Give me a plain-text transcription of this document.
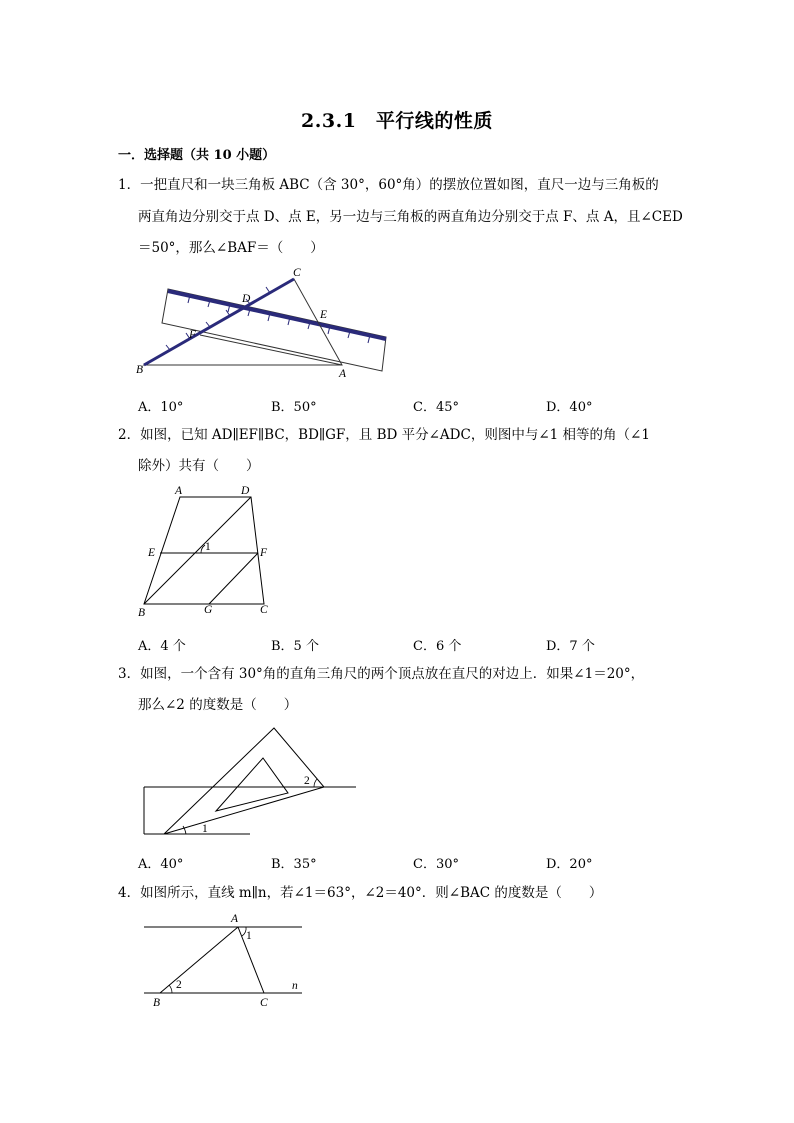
2.3.1　平行线的性质
一．选择题（共 10 小题）
1．一把直尺和一块三角板 ABC（含 30°，60°角）的摆放位置如图，直尺一边与三角板的
两直角边分别交于点 D、点 E，另一边与三角板的两直角边分别交于点 F、点 A，且∠CED
＝50°，那么∠BAF＝（　　）
C
D
E
F
B	A
A．10°	B．50°	C．45°	D．40°
2．如图，已知 AD∥EF∥BC，BD∥GF，且 BD 平分∠ADC，则图中与∠1 相等的角（∠1
除外）共有（　　）
A	D
E	F
B	G	C
1
A．4 个	B．5 个	C．6 个	D．7 个
3．如图，一个含有 30°角的直角三角尺的两个顶点放在直尺的对边上．如果∠1＝20°，
那么∠2 的度数是（　　）
1
2
A．40°	B．35°	C．30°	D．20°
4．如图所示，直线 m∥n，若∠1＝63°，∠2＝40°．则∠BAC 的度数是（　　）
A
1
2
B	C
n
